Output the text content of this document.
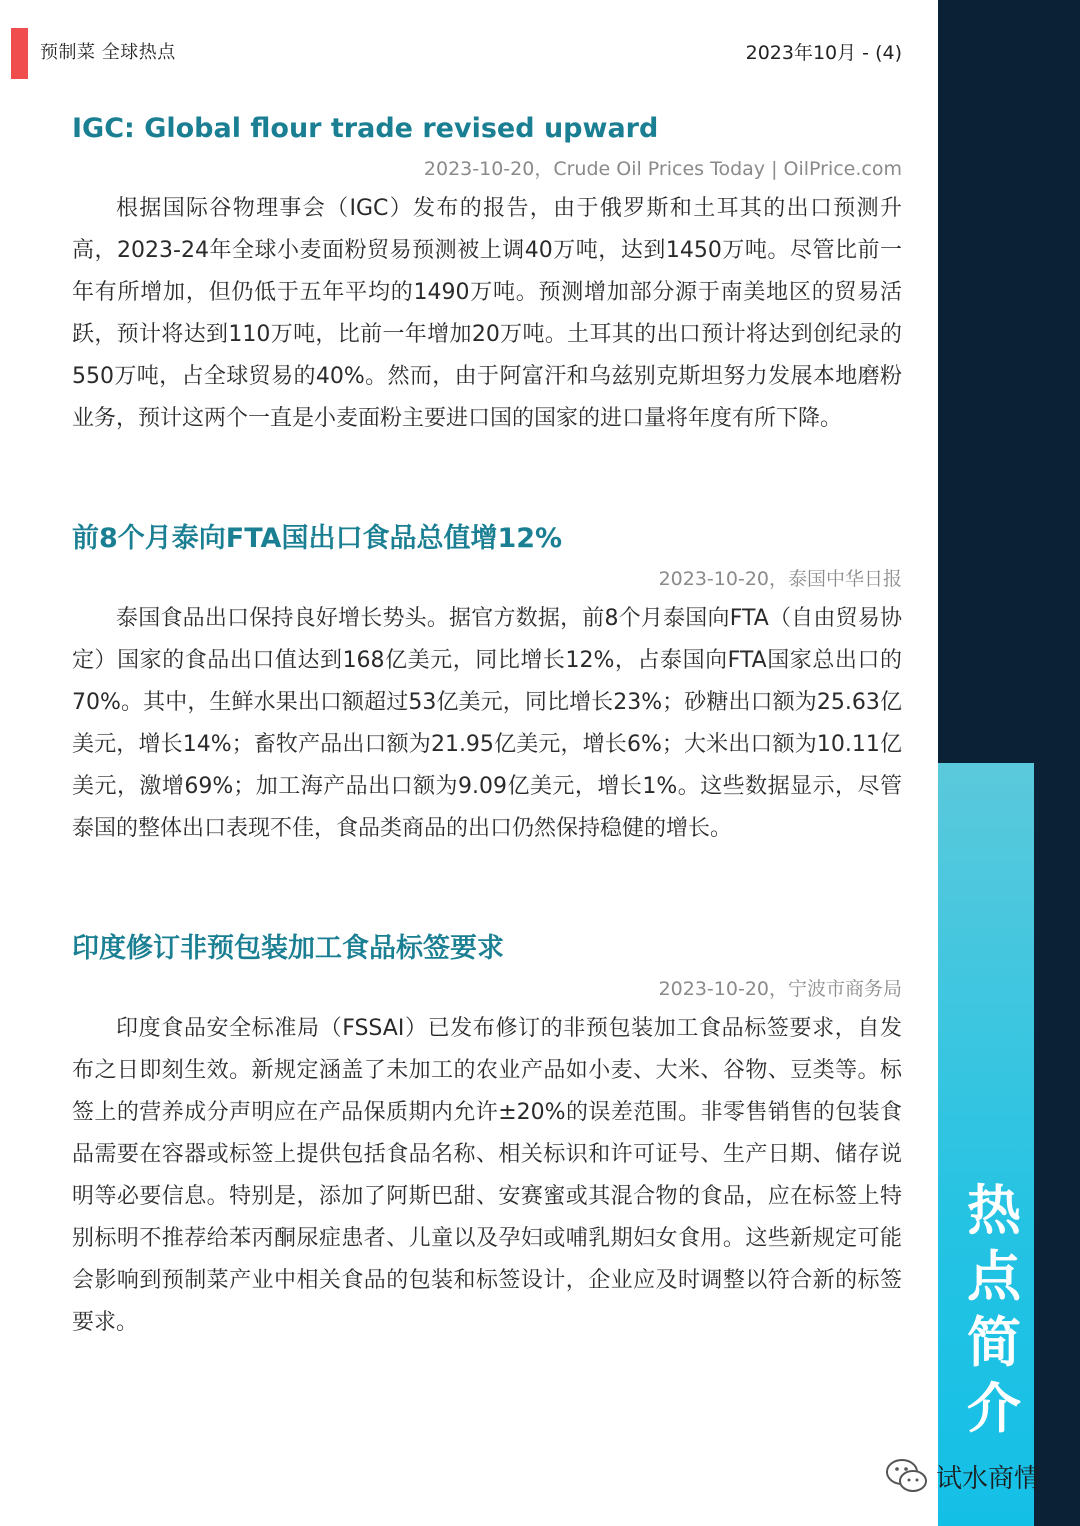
预制菜 全球热点	2023年10月 - (4)
热
点
简
介
IGC: Global flour trade revised upward
2023-10-20，Crude Oil Prices Today | OilPrice.com

根据国际谷物理事会（IGC）发布的报告，由于俄罗斯和土耳其的出口预测升高，2023-24年全球小麦面粉贸易预测被上调40万吨，达到1450万吨。尽管比前一年有所增加，但仍低于五年平均的1490万吨。预测增加部分源于南美地区的贸易活跃，预计将达到110万吨，比前一年增加20万吨。土耳其的出口预计将达到创纪录的550万吨，占全球贸易的40%。然而，由于阿富汗和乌兹别克斯坦努力发展本地磨粉业务，预计这两个一直是小麦面粉主要进口国的国家的进口量将年度有所下降。

前8个月泰向FTA国出口食品总值增12%
2023-10-20，泰国中华日报

泰国食品出口保持良好增长势头。据官方数据，前8个月泰国向FTA（自由贸易协定）国家的食品出口值达到168亿美元，同比增长12%，占泰国向FTA国家总出口的70%。其中，生鲜水果出口额超过53亿美元，同比增长23%；砂糖出口额为25.63亿美元，增长14%；畜牧产品出口额为21.95亿美元，增长6%；大米出口额为10.11亿美元，激增69%；加工海产品出口额为9.09亿美元，增长1%。这些数据显示，尽管泰国的整体出口表现不佳，食品类商品的出口仍然保持稳健的增长。

印度修订非预包装加工食品标签要求
2023-10-20，宁波市商务局

印度食品安全标准局（FSSAI）已发布修订的非预包装加工食品标签要求，自发布之日即刻生效。新规定涵盖了未加工的农业产品如小麦、大米、谷物、豆类等。标签上的营养成分声明应在产品保质期内允许±20%的误差范围。非零售销售的包装食品需要在容器或标签上提供包括食品名称、相关标识和许可证号、生产日期、储存说明等必要信息。特别是，添加了阿斯巴甜、安赛蜜或其混合物的食品，应在标签上特别标明不推荐给苯丙酮尿症患者、儿童以及孕妇或哺乳期妇女食用。这些新规定可能会影响到预制菜产业中相关食品的包装和标签设计，企业应及时调整以符合新的标签要求。

试水商情
